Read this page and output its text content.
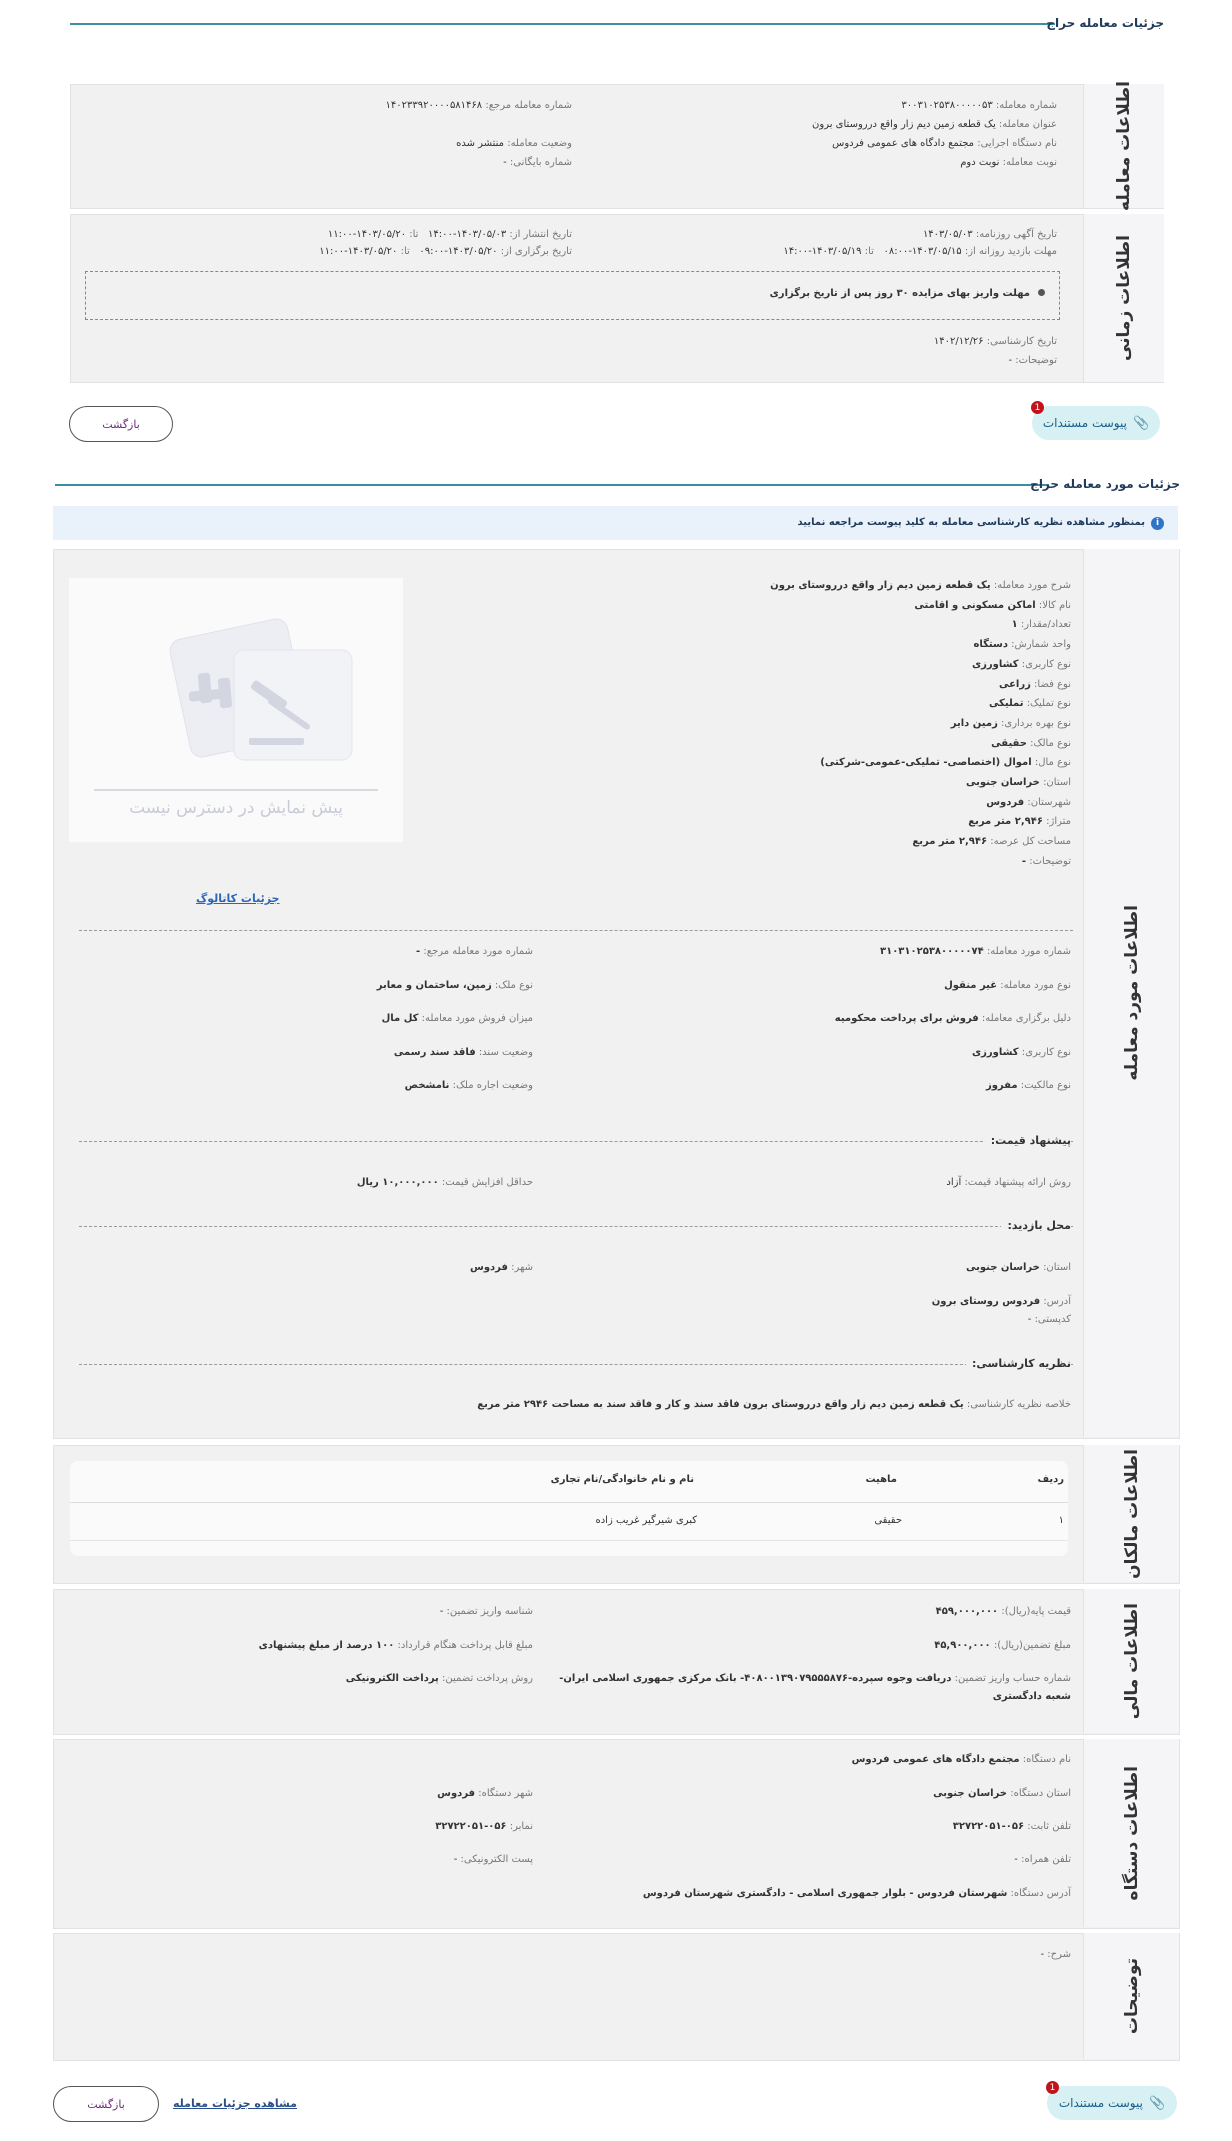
جزئیات معامله حراج
اطلاعات معامله
شماره معامله: ۳۰۰۳۱۰۲۵۳۸۰۰۰۰۰۵۳
عنوان معامله: یک قطعه زمین دیم زار واقع درروستای برون
نام دستگاه اجرایی: مجتمع دادگاه های عمومی فردوس
نوبت معامله: نوبت دوم
شماره معامله مرجع: ۱۴۰۲۳۳۹۲۰۰۰۰۵۸۱۴۶۸
وضعیت معامله: منتشر شده
شماره بایگانی: -
اطلاعات زمانی
تاریخ آگهی روزنامه: ۱۴۰۳/۰۵/۰۳
مهلت بازدید روزانه از: ۱۴۰۳/۰۵/۱۵-۰۸:۰۰   تا: ۱۴۰۳/۰۵/۱۹-۱۴:۰۰
تاریخ انتشار از: ۱۴۰۳/۰۵/۰۳-۱۴:۰۰   تا: ۱۴۰۳/۰۵/۲۰-۱۱:۰۰
تاریخ برگزاری از: ۱۴۰۳/۰۵/۲۰-۰۹:۰۰   تا: ۱۴۰۳/۰۵/۲۰-۱۱:۰۰
مهلت واریز بهای مزایده ۳۰ روز پس از تاریخ برگزاری
تاریخ کارشناسی: ۱۴۰۲/۱۲/۲۶
توضیحات: -
📎
پیوست مستندات
1
بازگشت
جزئیات مورد معامله حراج
iبمنظور مشاهده نظریه کارشناسی معامله به کلید پیوست مراجعه نمایید
اطلاعات مورد معامله
شرح مورد معامله: یک قطعه زمین دیم زار واقع درروستای برون
نام کالا: اماکن مسکونی و اقامتی
تعداد/مقدار: ۱
واحد شمارش: دستگاه
نوع کاربری: کشاورزی
نوع فضا: زراعی
نوع تملیک: تملیکی
نوع بهره برداری: زمین دایر
نوع مالک: حقیقی
نوع مال: اموال (اختصاصی- تملیکی-عمومی-شرکتی)
استان: خراسان جنوبی
شهرستان: فردوس
متراژ: ۲,۹۴۶ متر مربع
مساحت کل عرصه: ۲,۹۴۶ متر مربع
توضیحات: -
پیش نمایش در دسترس نیست
جزئیات کاتالوگ
شماره مورد معامله: ۳۱۰۳۱۰۲۵۳۸۰۰۰۰۰۷۴
نوع مورد معامله: غیر منقول
دلیل برگزاری معامله: فروش برای پرداخت محکومیه
نوع کاربری: کشاورزی
نوع مالکیت: مفروز
شماره مورد معامله مرجع: -
نوع ملک: زمین، ساختمان و معابر
میزان فروش مورد معامله: کل مال
وضعیت سند: فاقد سند رسمی
وضعیت اجاره ملک: نامشخص
پیشنهاد قیمت:
روش ارائه پیشنهاد قیمت: آزاد
حداقل افزایش قیمت: ۱۰,۰۰۰,۰۰۰ ریال
محل بازدید:
استان: خراسان جنوبی
شهر: فردوس
آدرس: فردوس روستای برون
کدپستی: -
نظریه کارشناسی:
خلاصه نظریه کارشناسی: یک قطعه زمین دیم زار واقع درروستای برون فاقد سند و کار و فاقد سند به مساحت ۲۹۴۶ متر مربع
اطلاعات مالکان
ردیف
ماهیت
نام و نام خانوادگی/نام تجاری
۱
حقیقی
کبری شیرگیر غریب زاده
اطلاعات مالی
قیمت پایه(ریال): ۴۵۹,۰۰۰,۰۰۰
مبلغ تضمین(ریال): ۴۵,۹۰۰,۰۰۰
شماره حساب واریز تضمین: دریافت وجوه سپرده-۴۰۸۰۰۱۳۹۰۷۹۵۵۵۸۷۶- بانک مرکزی جمهوری اسلامی ایران-
شعبه دادگستری
شناسه واریز تضمین: -
مبلغ قابل پرداخت هنگام قرارداد: ۱۰۰ درصد از مبلغ پیشنهادی
روش پرداخت تضمین: پرداخت الکترونیکی
اطلاعات دستگاه
نام دستگاه: مجتمع دادگاه های عمومی فردوس
استان دستگاه: خراسان جنوبی
تلفن ثابت: ۰۵۶-۳۲۷۲۲۰۵۱
تلفن همراه: -
آدرس دستگاه: شهرستان فردوس - بلوار جمهوری اسلامی - دادگستری شهرستان فردوس
شهر دستگاه: فردوس
نمابر: ۰۵۶-۳۲۷۲۲۰۵۱
پست الکترونیکی: -
توضیحات
شرح: -
📎
پیوست مستندات
1
مشاهده جزئیات معامله
بازگشت
